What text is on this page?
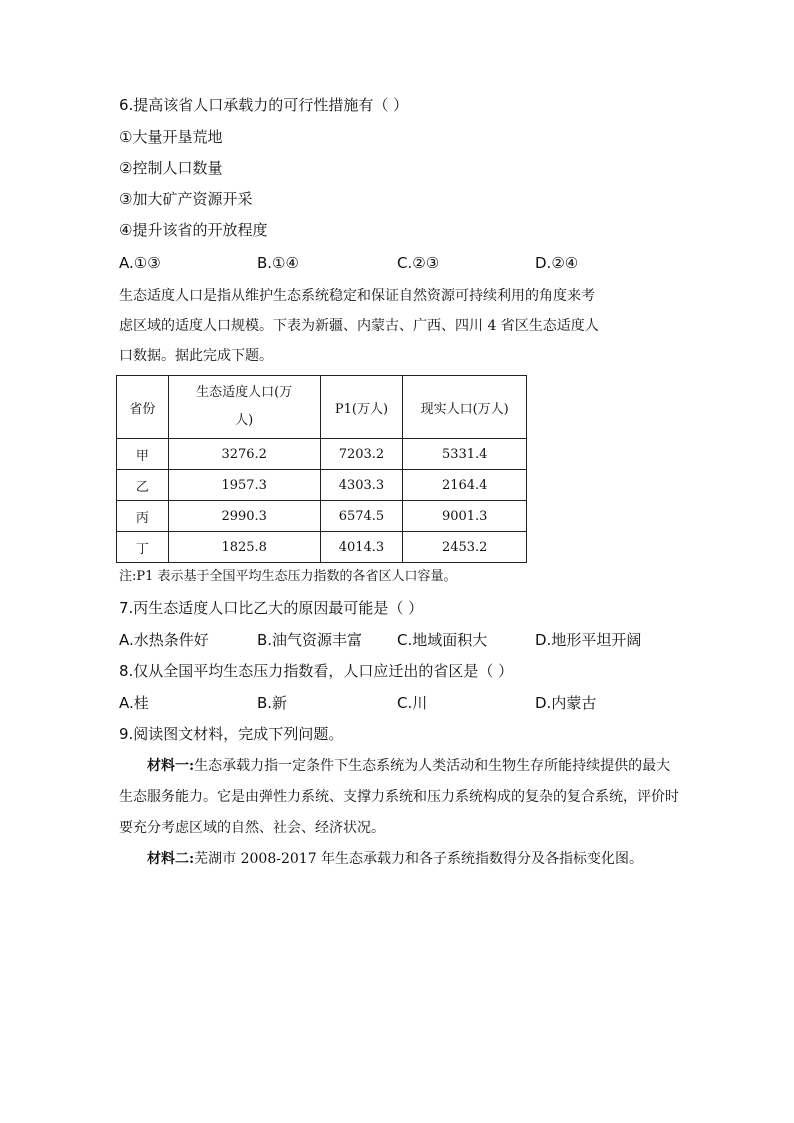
6.提高该省人口承载力的可行性措施有（ ）
①大量开垦荒地
②控制人口数量
③加大矿产资源开采
④提升该省的开放程度
A.①③	B.①④	C.②③	D.②④
生态适度人口是指从维护生态系统稳定和保证自然资源可持续利用的角度来考
虑区域的适度人口规模。下表为新疆、内蒙古、广西、四川 4 省区生态适度人
口数据。据此完成下题。
省份	生态适度人口(万人)	P1(万人)	现实人口(万人)
甲	3276.2	7203.2	5331.4
乙	1957.3	4303.3	2164.4
丙	2990.3	6574.5	9001.3
丁	1825.8	4014.3	2453.2
注:P1 表示基于全国平均生态压力指数的各省区人口容量。
7.丙生态适度人口比乙大的原因最可能是（ ）
A.水热条件好	B.油气资源丰富 C.地域面积大	D.地形平坦开阔
8.仅从全国平均生态压力指数看，人口应迁出的省区是（ ）
A.桂	B.新	C.川	D.内蒙古
9.阅读图文材料，完成下列问题。
材料一:生态承载力指一定条件下生态系统为人类活动和生物生存所能持续提供的最大生态服务能力。它是由弹性力系统、支撑力系统和压力系统构成的复杂的复合系统，评价时要充分考虑区域的自然、社会、经济状况。
材料二:芜湖市 2008-2017 年生态承载力和各子系统指数得分及各指标变化图。
